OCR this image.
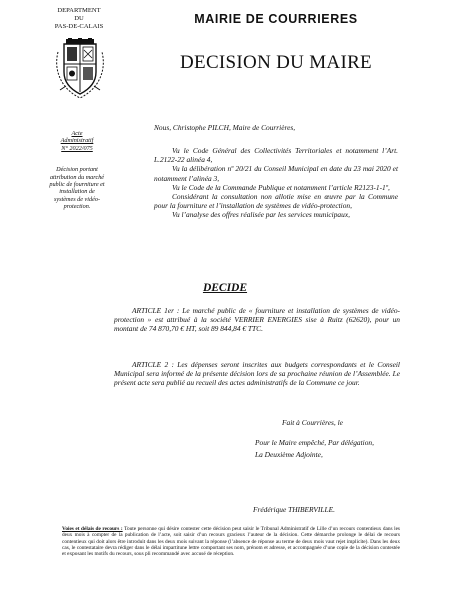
DEPARTMENT
DU
PAS-DE-CALAIS
MAIRIE DE COURRIERES
DECISION DU MAIRE
Acte
Administratif
N° 2022/075
Décision portant
attribution du marché
public de fourniture et
installation de
systèmes de vidéo-
protection.
Nous, Christophe PILCH, Maire de Courrières,

Vu le Code Général des Collectivités Territoriales et notamment l’Art. L.2122-22 alinéa 4,

Vu la délibération nº 20/21 du Conseil Municipal en date du 23 mai 2020 et notamment l’alinéa 3,

Vu le Code de la Commande Publique et notamment l’article R2123-1-1º,

Considérant la consultation non allotie mise en œuvre par la Commune pour la fourniture et l’installation de systèmes de vidéo-protection,

Vu l’analyse des offres réalisée par les services municipaux,

DECIDE

ARTICLE 1er : Le marché public de « fourniture et installation de systèmes de vidéo-protection » est attribué à la société VERRIER ENERGIES sise à Ruitz (62620), pour un montant de 74 870,70 € HT, soit 89 844,84 € TTC.

ARTICLE 2 : Les dépenses seront inscrites aux budgets correspondants et le Conseil Municipal sera informé de la présente décision lors de sa prochaine réunion de l’Assemblée. Le présent acte sera publié au recueil des actes administratifs de la Commune ce jour.

Fait à Courrières, le
Pour le Maire empêché, Par délégation,
La Deuxième Adjointe,
Frédérique THIBERVILLE.
Voies et délais de recours : Toute personne qui désire contester cette décision peut saisir le Tribunal Administratif de Lille d’un recours contentieux dans les deux mois à compter de la publication de l’acte, soit saisir d’un recours gracieux l’auteur de la décision. Cette démarche prolonge le délai de recours contentieux qui doit alors être introduit dans les deux mois suivant la réponse (l’absence de réponse au terme de deux mois vaut rejet implicite). Dans les deux cas, le contestataire devra rédiger dans le délai impartitune lettre comportant ses nom, prénom et adresse, et accompagnée d’une copie de la décision contestée et exposant les motifs du recours, sous pli recommandé avec accusé de réception.
